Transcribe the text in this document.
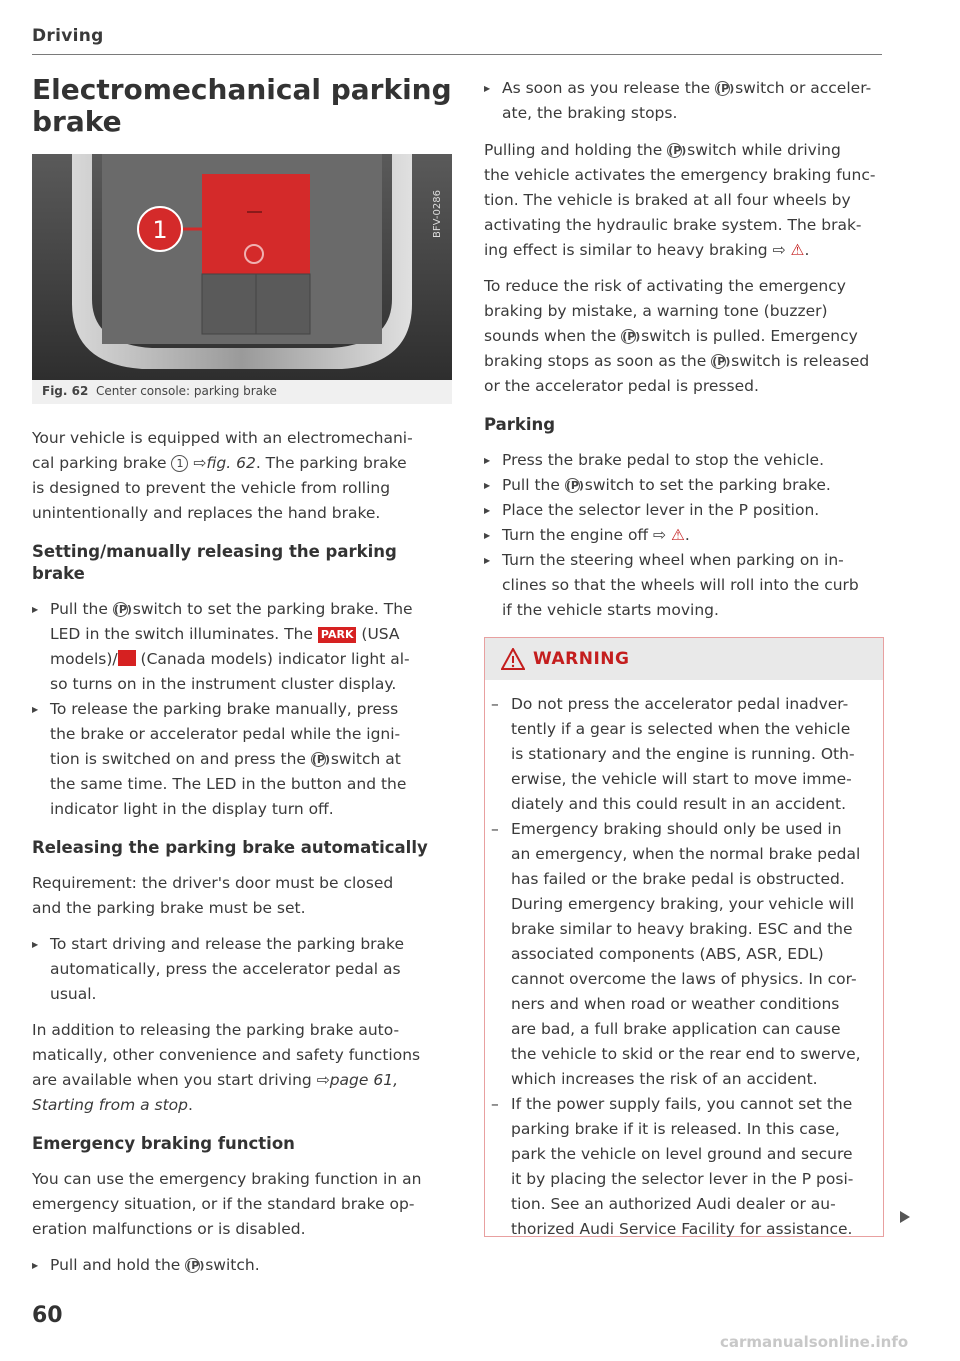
Driving
Electromechanical parking brake
1	BFV-0286
Fig. 62 Center console: parking brake

Your vehicle is equipped with an electromechani-
cal parking brake 1 ⇨fig. 62. The parking brake
is designed to prevent the vehicle from rolling
unintentionally and replaces the hand brake.

Setting/manually releasing the parking
brake

▶ Pull the (P) switch to set the parking brake. The
LED in the switch illuminates. The PARK (USA
models)/ (Canada models) indicator light al-
so turns on in the instrument cluster display.

▶ To release the parking brake manually, press
the brake or accelerator pedal while the igni-
tion is switched on and press the (P) switch at
the same time. The LED in the button and the
indicator light in the display turn off.

Releasing the parking brake automatically

Requirement: the driver's door must be closed
and the parking brake must be set.

▶ To start driving and release the parking brake
automatically, press the accelerator pedal as
usual.

In addition to releasing the parking brake auto-
matically, other convenience and safety functions
are available when you start driving ⇨page 61,
Starting from a stop.

Emergency braking function

You can use the emergency braking function in an
emergency situation, or if the standard brake op-
eration malfunctions or is disabled.

▶ Pull and hold the (P) switch.

▶ As soon as you release the (P) switch or acceler-
ate, the braking stops.

Pulling and holding the (P) switch while driving
the vehicle activates the emergency braking func-
tion. The vehicle is braked at all four wheels by
activating the hydraulic brake system. The brak-
ing effect is similar to heavy braking ⇨ ⚠.

To reduce the risk of activating the emergency
braking by mistake, a warning tone (buzzer)
sounds when the (P) switch is pulled. Emergency
braking stops as soon as the (P) switch is released
or the accelerator pedal is pressed.

Parking

▶ Press the brake pedal to stop the vehicle.

▶ Pull the (P) switch to set the parking brake.

▶ Place the selector lever in the P position.

▶ Turn the engine off ⇨ ⚠.

▶ Turn the steering wheel when parking on in-
clines so that the wheels will roll into the curb
if the vehicle starts moving.

WARNING

– Do not press the accelerator pedal inadver-
tently if a gear is selected when the vehicle
is stationary and the engine is running. Oth-
erwise, the vehicle will start to move imme-
diately and this could result in an accident.

– Emergency braking should only be used in
an emergency, when the normal brake pedal
has failed or the brake pedal is obstructed.
During emergency braking, your vehicle will
brake similar to heavy braking. ESC and the
associated components (ABS, ASR, EDL)
cannot overcome the laws of physics. In cor-
ners and when road or weather conditions
are bad, a full brake application can cause
the vehicle to skid or the rear end to swerve,
which increases the risk of an accident.

– If the power supply fails, you cannot set the
parking brake if it is released. In this case,
park the vehicle on level ground and secure
it by placing the selector lever in the P posi-
tion. See an authorized Audi dealer or au-
thorized Audi Service Facility for assistance.

60
carmanualsonline.info
